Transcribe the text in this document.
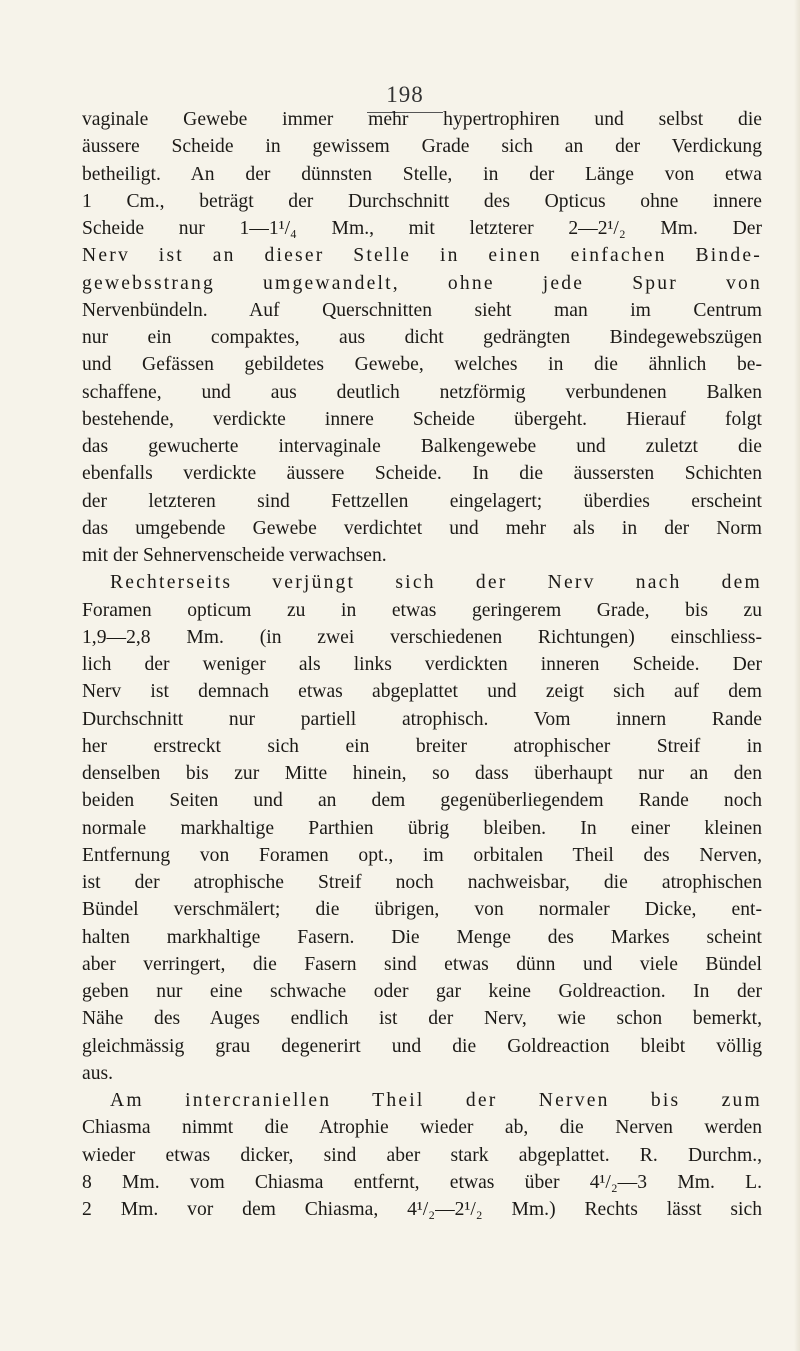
198
vaginale Gewebe immer mehr hypertrophiren und selbst die
äussere Scheide in gewissem Grade sich an der Verdickung
betheiligt. An der dünnsten Stelle, in der Länge von etwa
1 Cm., beträgt der Durchschnitt des Opticus ohne innere
Scheide nur 1—1¹/₄ Mm., mit letzterer 2—2¹/₂ Mm. Der
Nerv ist an dieser Stelle in einen einfachen Binde-
gewebsstrang umgewandelt, ohne jede Spur von
Nervenbündeln. Auf Querschnitten sieht man im Centrum
nur ein compaktes, aus dicht gedrängten Bindegewebszügen
und Gefässen gebildetes Gewebe, welches in die ähnlich be-
schaffene, und aus deutlich netzförmig verbundenen Balken
bestehende, verdickte innere Scheide übergeht. Hierauf folgt
das gewucherte intervaginale Balkengewebe und zuletzt die
ebenfalls verdickte äussere Scheide. In die äussersten Schichten
der letzteren sind Fettzellen eingelagert; überdies erscheint
das umgebende Gewebe verdichtet und mehr als in der Norm
mit der Sehnervenscheide verwachsen.
Rechterseits verjüngt sich der Nerv nach dem
Foramen opticum zu in etwas geringerem Grade, bis zu
1,9—2,8 Mm. (in zwei verschiedenen Richtungen) einschliess-
lich der weniger als links verdickten inneren Scheide. Der
Nerv ist demnach etwas abgeplattet und zeigt sich auf dem
Durchschnitt nur partiell atrophisch. Vom innern Rande
her erstreckt sich ein breiter atrophischer Streif in
denselben bis zur Mitte hinein, so dass überhaupt nur an den
beiden Seiten und an dem gegenüberliegendem Rande noch
normale markhaltige Parthien übrig bleiben. In einer kleinen
Entfernung von Foramen opt., im orbitalen Theil des Nerven,
ist der atrophische Streif noch nachweisbar, die atrophischen
Bündel verschmälert; die übrigen, von normaler Dicke, ent-
halten markhaltige Fasern. Die Menge des Markes scheint
aber verringert, die Fasern sind etwas dünn und viele Bündel
geben nur eine schwache oder gar keine Goldreaction. In der
Nähe des Auges endlich ist der Nerv, wie schon bemerkt,
gleichmässig grau degenerirt und die Goldreaction bleibt völlig
aus.
Am intercraniellen Theil der Nerven bis zum
Chiasma nimmt die Atrophie wieder ab, die Nerven werden
wieder etwas dicker, sind aber stark abgeplattet. R. Durchm.,
8 Mm. vom Chiasma entfernt, etwas über 4¹/₂—3 Mm. L.
2 Mm. vor dem Chiasma, 4¹/₂—2¹/₂ Mm.) Rechts lässt sich
